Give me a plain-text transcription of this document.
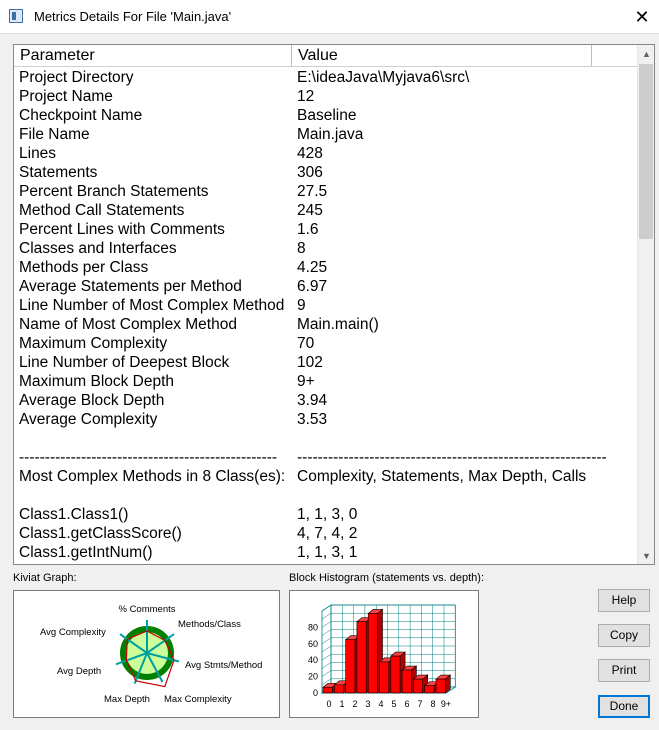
Metrics Details For File 'Main.java'	✕
Parameter	Value
Project Directory	E:\ideaJava\Myjava6\src\
Project Name	12
Checkpoint Name	Baseline
File Name	Main.java
Lines	428
Statements	306
Percent Branch Statements	27.5
Method Call Statements	245
Percent Lines with Comments	1.6
Classes and Interfaces	8
Methods per Class	4.25
Average Statements per Method	6.97
Line Number of Most Complex Method 9
Name of Most Complex Method	Main.main()
Maximum Complexity	70
Line Number of Deepest Block	102
Maximum Block Depth	9+
Average Block Depth	3.94
Average Complexity	3.53
-------------------------------------------------- ------------------------------------------------------------
Most Complex Methods in 8 Class(es): Complexity, Statements, Max Depth, Calls
Class1.Class1()	1, 1, 3, 0
Class1.getClassScore()	4, 7, 4, 2
Class1.getIntNum()	1, 1, 3, 1
▲
▼
Kiviat Graph:
% Comments
Methods/Class
Avg Stmts/Method
Max Complexity
Max Depth
Avg Depth
Avg Complexity
Block Histogram (statements vs. depth):
0
20
40
60
80
0 1 2 3 4 5 6 7 8 9+
Help
Copy
Print
Done
